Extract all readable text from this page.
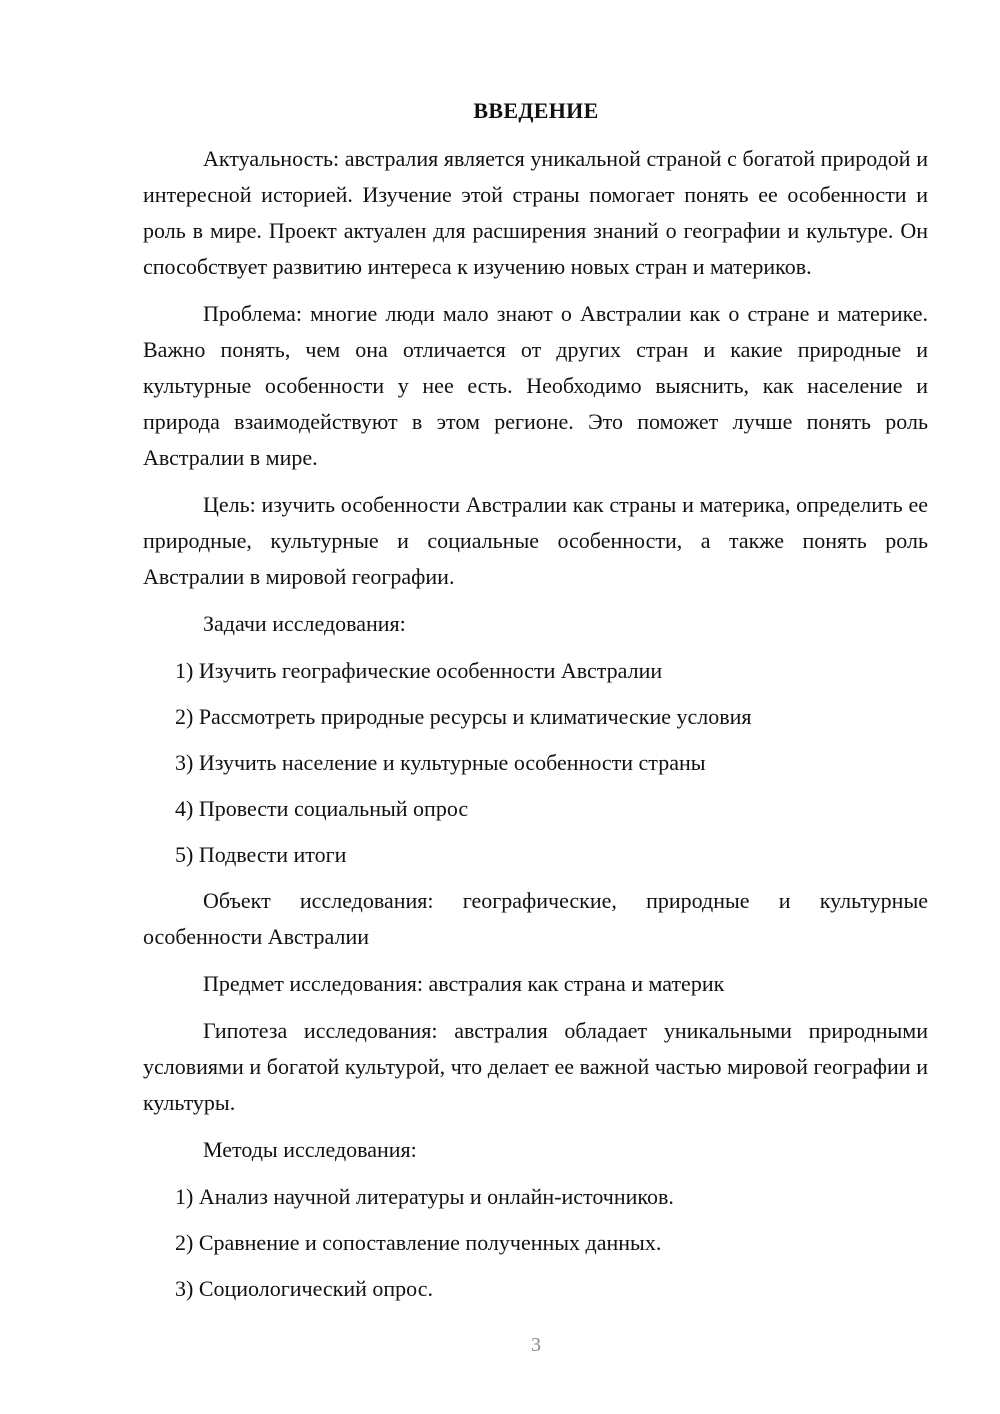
ВВЕДЕНИЕ

Актуальность: австралия является уникальной страной с богатой природой и интересной историей. Изучение этой страны помогает понять ее особенности и роль в мире. Проект актуален для расширения знаний о географии и культуре. Он способствует развитию интереса к изучению новых стран и материков.

Проблема: многие люди мало знают о Австралии как о стране и материке. Важно понять, чем она отличается от других стран и какие природные и культурные особенности у нее есть. Необходимо выяснить, как население и природа взаимодействуют в этом регионе. Это поможет лучше понять роль Австралии в мире.

Цель: изучить особенности Австралии как страны и материка, определить ее природные, культурные и социальные особенности, а также понять роль Австралии в мировой географии.

Задачи исследования:

1) Изучить географические особенности Австралии
2) Рассмотреть природные ресурсы и климатические условия
3) Изучить население и культурные особенности страны
4) Провести социальный опрос
5) Подвести итоги

Объект исследования: географические, природные и культурные особенности Австралии

Предмет исследования: австралия как страна и материк

Гипотеза исследования: австралия обладает уникальными природными условиями и богатой культурой, что делает ее важной частью мировой географии и культуры.

Методы исследования:

1) Анализ научной литературы и онлайн-источников.
2) Сравнение и сопоставление полученных данных.
3) Социологический опрос.
3
